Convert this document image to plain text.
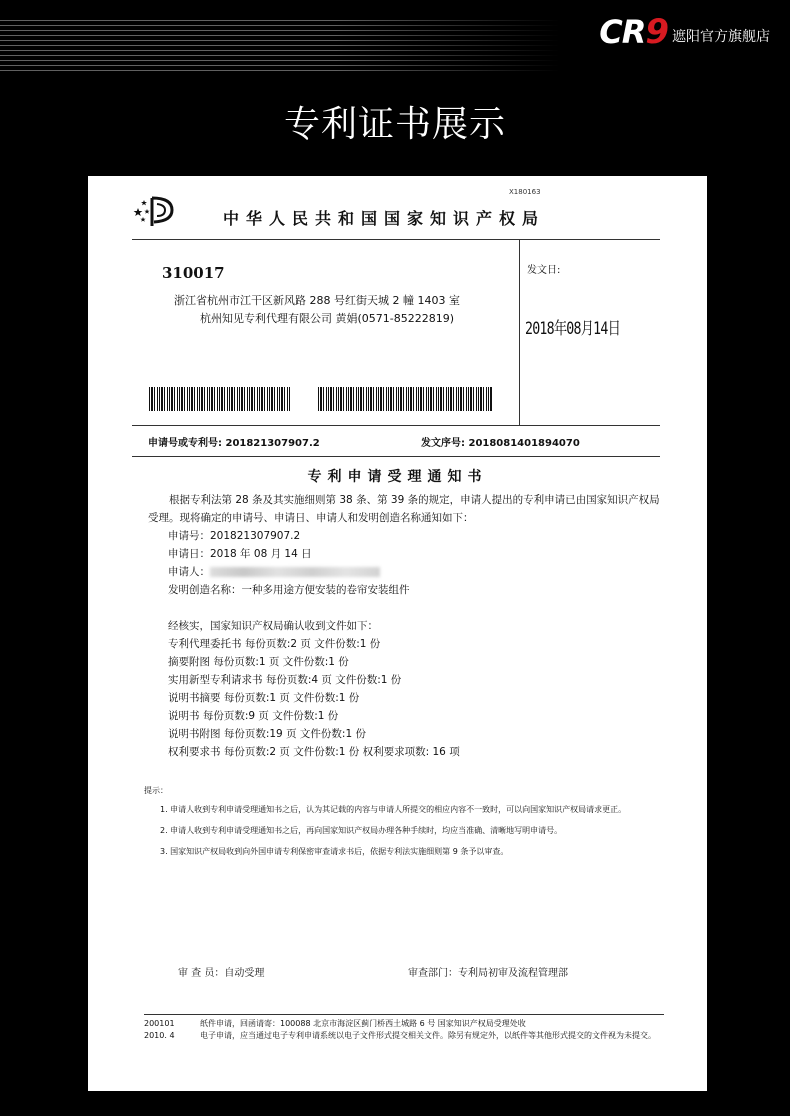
CR9 遮阳官方旗舰店
专利证书展示
X180163
中华人民共和国国家知识产权局
310017
浙江省杭州市江干区新风路 288 号红街天城 2 幢 1403 室
杭州知见专利代理有限公司 黄娟(0571-85222819)
发文日:
2018年08月14日
申请号或专利号: 201821307907.2	发文序号: 2018081401894070
专利申请受理通知书

根据专利法第 28 条及其实施细则第 38 条、第 39 条的规定，申请人提出的专利申请已由国家知识产权局受理。现将确定的申请号、申请日、申请人和发明创造名称通知如下：

申请号：201821307907.2

申请日：2018 年 08 月 14 日

申请人：

发明创造名称：一种多用途方便安装的卷帘安装组件

经核实，国家知识产权局确认收到文件如下：

专利代理委托书 每份页数:2 页 文件份数:1 份

摘要附图 每份页数:1 页 文件份数:1 份

实用新型专利请求书 每份页数:4 页 文件份数:1 份

说明书摘要 每份页数:1 页 文件份数:1 份

说明书 每份页数:9 页 文件份数:1 份

说明书附图 每份页数:19 页 文件份数:1 份

权利要求书 每份页数:2 页 文件份数:1 份 权利要求项数: 16 项

提示：

1. 申请人收到专利申请受理通知书之后，认为其记载的内容与申请人所提交的相应内容不一致时，可以向国家知识产权局请求更正。

2. 申请人收到专利申请受理通知书之后，再向国家知识产权局办理各种手续时，均应当准确、清晰地写明申请号。

3. 国家知识产权局收到向外国申请专利保密审查请求书后，依据专利法实施细则第 9 条予以审查。

审 查 员：自动受理	审查部门：专利局初审及流程管理部
200101	纸件申请，回函请寄：100088 北京市海淀区蓟门桥西土城路 6 号 国家知识产权局受理处收
2010. 4	电子申请，应当通过电子专利申请系统以电子文件形式提交相关文件。除另有规定外，以纸件等其他形式提交的文件视为未提交。
